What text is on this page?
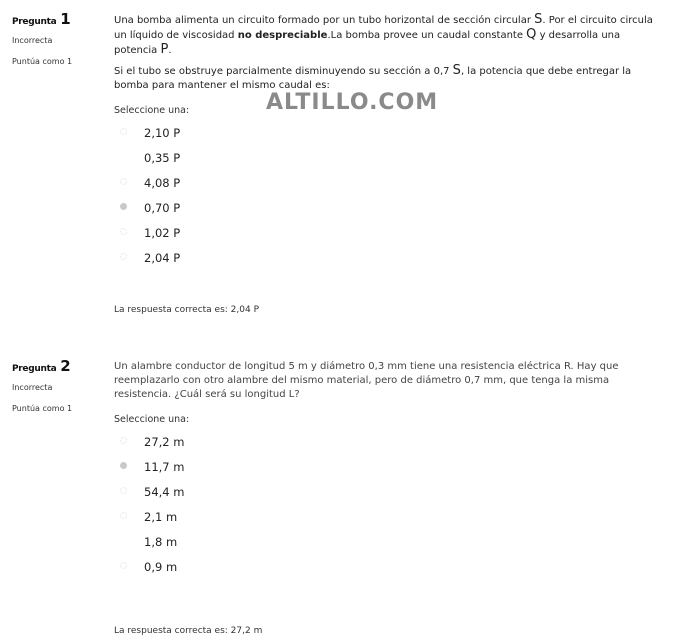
Pregunta 1
Incorrecta
Puntúa como 1

Una bomba alimenta un circuito formado por un tubo horizontal de sección circular S. Por el circuito circula un líquido de viscosidad no despreciable.La bomba provee un caudal constante Q y desarrolla una potencia P.

Si el tubo se obstruye parcialmente disminuyendo su sección a 0,7 S, la potencia que debe entregar la bomba para mantener el mismo caudal es:

Seleccione una:
2,10 P
0,35 P
4,08 P
0,70 P
1,02 P
2,04 P
La respuesta correcta es: 2,04 P
Pregunta 2
Incorrecta
Puntúa como 1

Un alambre conductor de longitud 5 m y diámetro 0,3 mm tiene una resistencia eléctrica R. Hay que reemplazarlo con otro alambre del mismo material, pero de diámetro 0,7 mm, que tenga la misma resistencia. ¿Cuál será su longitud L?

Seleccione una:
27,2 m
11,7 m
54,4 m
2,1 m
1,8 m
0,9 m
La respuesta correcta es: 27,2 m
ALTILLO.COM
